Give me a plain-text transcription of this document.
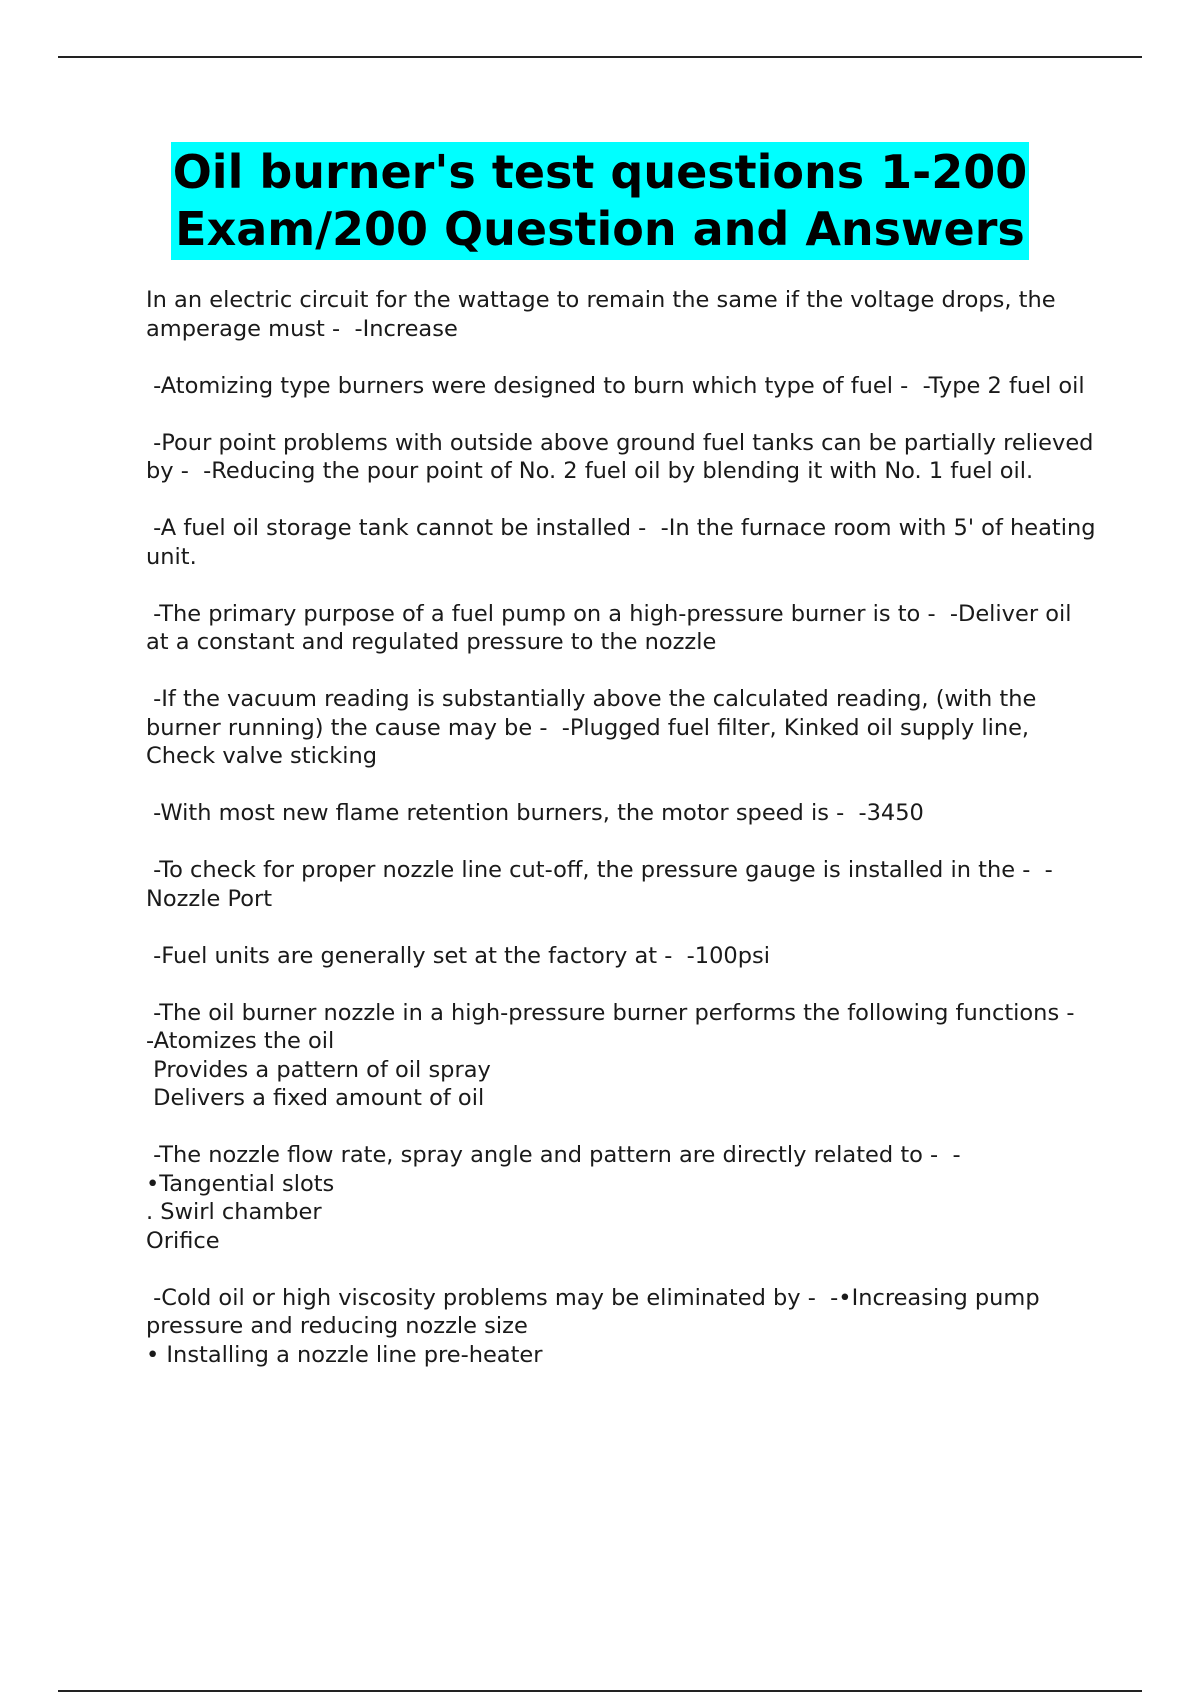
Oil burner's test questions 1-200
Exam/200 Question and Answers
In an electric circuit for the wattage to remain the same if the voltage drops, the amperage must -  -Increase
-Atomizing type burners were designed to burn which type of fuel -  -Type 2 fuel oil
-Pour point problems with outside above ground fuel tanks can be partially relieved by -  -Reducing the pour point of No. 2 fuel oil by blending it with No. 1 fuel oil.
-A fuel oil storage tank cannot be installed -  -In the furnace room with 5' of heating unit.
-The primary purpose of a fuel pump on a high-pressure burner is to -  -Deliver oil at a constant and regulated pressure to the nozzle
-If the vacuum reading is substantially above the calculated reading, (with the burner running) the cause may be -  -Plugged fuel filter, Kinked oil supply line, Check valve sticking
-With most new flame retention burners, the motor speed is -  -3450
-To check for proper nozzle line cut-off, the pressure gauge is installed in the -  -Nozzle Port
-Fuel units are generally set at the factory at -  -100psi
-The oil burner nozzle in a high-pressure burner performs the following functions -  -Atomizes the oil
Provides a pattern of oil spray
Delivers a fixed amount of oil
-The nozzle flow rate, spray angle and pattern are directly related to -  -
•Tangential slots
. Swirl chamber
Orifice
-Cold oil or high viscosity problems may be eliminated by -  -•Increasing pump pressure and reducing nozzle size
• Installing a nozzle line pre-heater
